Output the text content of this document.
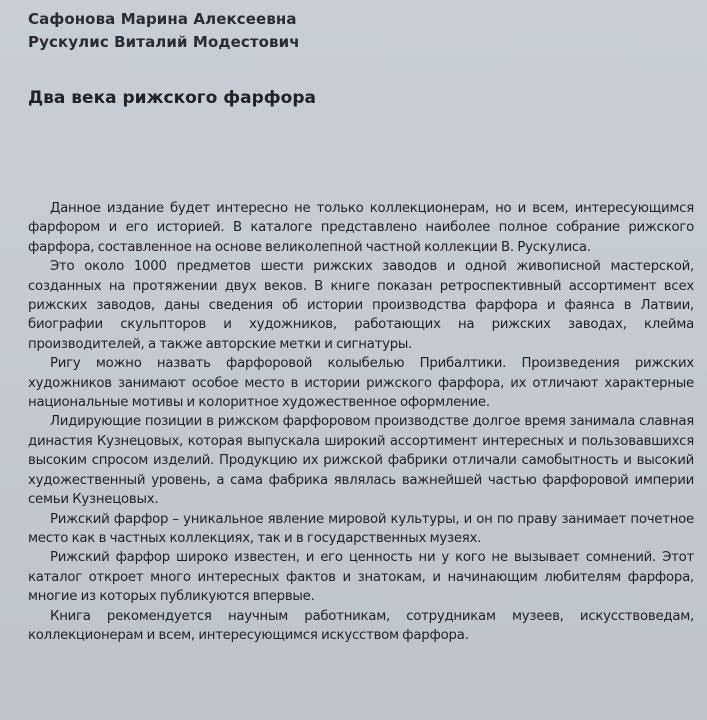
Сафонова Марина Алексеевна
Рускулис Виталий Модестович
Два века рижского фарфора

Данное издание будет интересно не только коллекционерам, но и всем, интересующимся фарфором и его историей. В каталоге представлено наиболее полное собрание рижского фарфора, составленное на основе великолепной частной коллекции В. Рускулиса.

Это около 1000 предметов шести рижских заводов и одной живописной мастерской, созданных на протяжении двух веков. В книге показан ретроспективный ассортимент всех рижских заводов, даны сведения об истории производства фарфора и фаянса в Латвии, биографии скульпторов и художников, работающих на рижских заводах, клейма производителей, а также авторские метки и сигнатуры.

Ригу можно назвать фарфоровой колыбелью Прибалтики. Произведения рижских художников занимают особое место в истории рижского фарфора, их отличают характерные национальные мотивы и колоритное художественное оформление.

Лидирующие позиции в рижском фарфоровом производстве долгое время занимала славная династия Кузнецовых, которая выпускала широкий ассортимент интересных и пользовавшихся высоким спросом изделий. Продукцию их рижской фабрики отличали самобытность и высокий художественный уровень, а сама фабрика являлась важнейшей частью фарфоровой империи семьи Кузнецовых.

Рижский фарфор – уникальное явление мировой культуры, и он по праву занимает почетное место как в частных коллекциях, так и в государственных музеях.

Рижский фарфор широко известен, и его ценность ни у кого не вызывает сомнений. Этот каталог откроет много интересных фактов и знатокам, и начинающим любителям фарфора, многие из которых публикуются впервые.

Книга рекомендуется научным работникам, сотрудникам музеев, искусствоведам, коллекционерам и всем, интересующимся искусством фарфора.
